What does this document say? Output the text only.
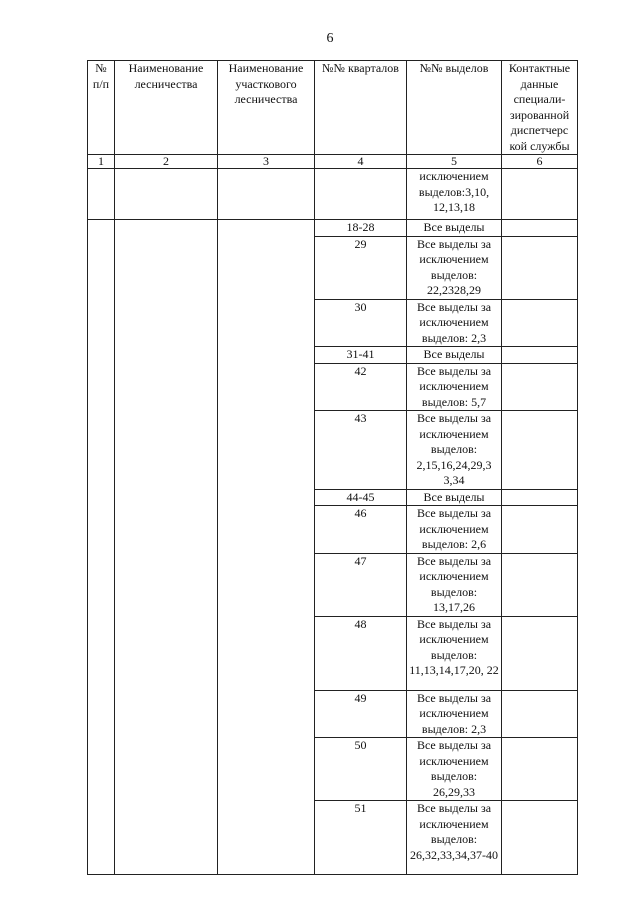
6
№ п/п	Наименование лесничества	Наименование участкового лесничества	№№ кварталов	№№ выделов	Контактные данные специали-зированной диспетчерс кой службы
1	2	3	4	5	6
				исключением выделов:3,10, 12,13,18	
			18-28	Все выделы	
			29	Все выделы за исключением выделов: 22,2328,29	
			30	Все выделы за исключением выделов: 2,3	
			31-41	Все выделы	
			42	Все выделы за исключением выделов: 5,7	
			43	Все выделы за исключением выделов: 2,15,16,24,29,3 3,34	
			44-45	Все выделы	
			46	Все выделы за исключением выделов: 2,6	
			47	Все выделы за исключением выделов: 13,17,26	
			48	Все выделы за исключением выделов: 11,13,14,17,20, 22	
			49	Все выделы за исключением выделов: 2,3	
			50	Все выделы за исключением выделов: 26,29,33	
			51	Все выделы за исключением выделов: 26,32,33,34,37-40	
